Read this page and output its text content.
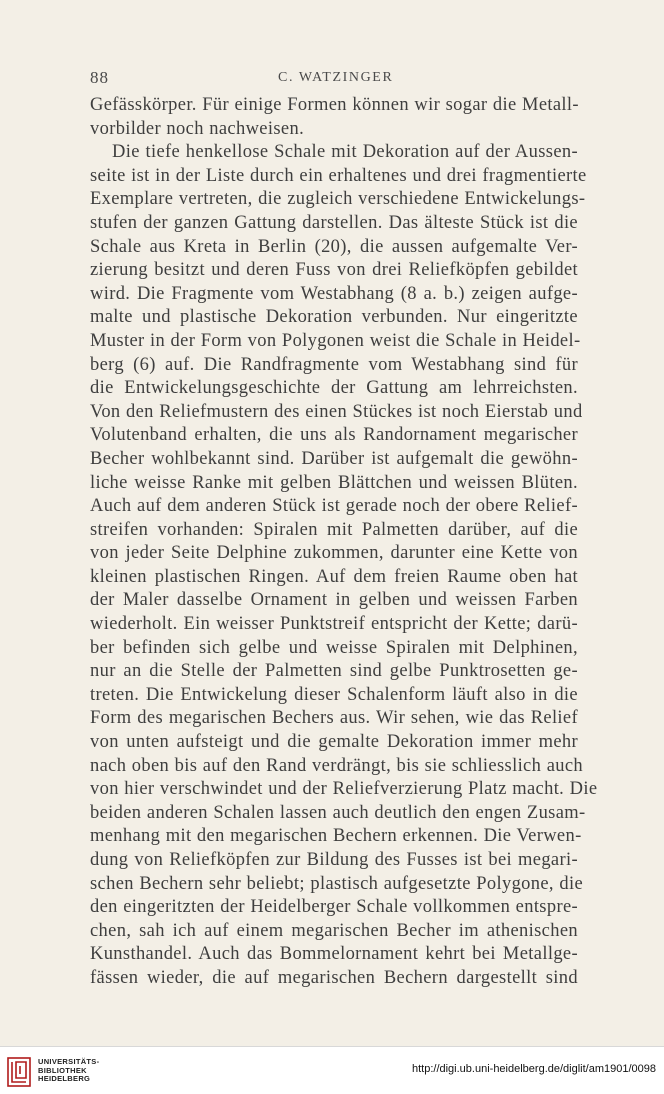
88	C. WATZINGER
Gefässkörper. Für einige Formen können wir sogar die Metall-
vorbilder noch nachweisen.
Die tiefe henkellose Schale mit Dekoration auf der Aussen-
seite ist in der Liste durch ein erhaltenes und drei fragmentierte
Exemplare vertreten, die zugleich verschiedene Entwickelungs-
stufen der ganzen Gattung darstellen. Das älteste Stück ist die
Schale aus Kreta in Berlin (20), die aussen aufgemalte Ver-
zierung besitzt und deren Fuss von drei Reliefköpfen gebildet
wird. Die Fragmente vom Westabhang (8 a. b.) zeigen aufge-
malte und plastische Dekoration verbunden. Nur eingeritzte
Muster in der Form von Polygonen weist die Schale in Heidel-
berg (6) auf. Die Randfragmente vom Westabhang sind für
die Entwickelungsgeschichte der Gattung am lehrreichsten.
Von den Reliefmustern des einen Stückes ist noch Eierstab und
Volutenband erhalten, die uns als Randornament megarischer
Becher wohlbekannt sind. Darüber ist aufgemalt die gewöhn-
liche weisse Ranke mit gelben Blättchen und weissen Blüten.
Auch auf dem anderen Stück ist gerade noch der obere Relief-
streifen vorhanden: Spiralen mit Palmetten darüber, auf die
von jeder Seite Delphine zukommen, darunter eine Kette von
kleinen plastischen Ringen. Auf dem freien Raume oben hat
der Maler dasselbe Ornament in gelben und weissen Farben
wiederholt. Ein weisser Punktstreif entspricht der Kette; darü-
ber befinden sich gelbe und weisse Spiralen mit Delphinen,
nur an die Stelle der Palmetten sind gelbe Punktrosetten ge-
treten. Die Entwickelung dieser Schalenform läuft also in die
Form des megarischen Bechers aus. Wir sehen, wie das Relief
von unten aufsteigt und die gemalte Dekoration immer mehr
nach oben bis auf den Rand verdrängt, bis sie schliesslich auch
von hier verschwindet und der Reliefverzierung Platz macht. Die
beiden anderen Schalen lassen auch deutlich den engen Zusam-
menhang mit den megarischen Bechern erkennen. Die Verwen-
dung von Reliefköpfen zur Bildung des Fusses ist bei megari-
schen Bechern sehr beliebt; plastisch aufgesetzte Polygone, die
den eingeritzten der Heidelberger Schale vollkommen entspre-
chen, sah ich auf einem megarischen Becher im athenischen
Kunsthandel. Auch das Bommelornament kehrt bei Metallge-
fässen wieder, die auf megarischen Bechern dargestellt sind
UNIVERSITÄTS-
BIBLIOTHEK
HEIDELBERG
http://digi.ub.uni-heidelberg.de/diglit/am1901/0098
